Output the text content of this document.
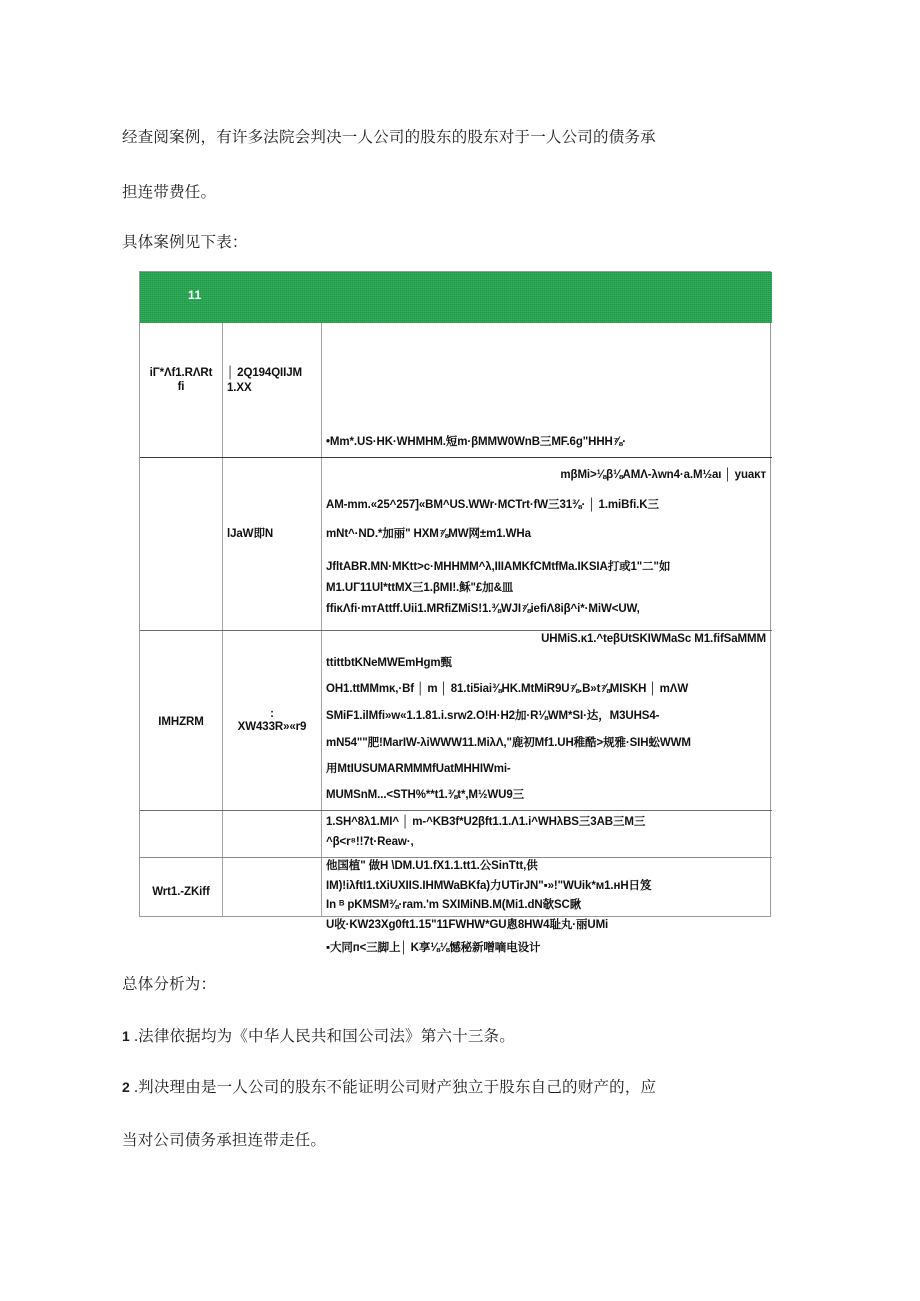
经查阅案例，有许多法院会判决一人公司的股东的股东对于一人公司的债务承
担连带费任。
具体案例见下表：
11
iΓ*Λf1.RΛRt
fi
│ 2Q194QIIJM
1.XX
•Mm*.US·HK·WHMHM.短m·βMMW0WnB三MF.6g"HHH⅞·
lJaW即N
mβMi>⅛β⅛AMΛ-λwn4·a.M½aı │ yuaĸт
AM-mm.«25^257]«BM^US.WWr·MCTrt·fW三31⅜· │ 1.miBfi.K三
mNt^·ND.*加丽" HXM⅞MW网±m1.WHa
JfltABR.MN·MKtt>c·MHHMM^λ,IIIAMKfCMtfMa.IKSIA打或1"二"如
M1.UΓ11Ul*ttMX三1.βMI!.稣"£加&皿
ffiĸΛfi·mтAttff.Uii1.MRfiZMiS!1.⅜WJI⅞iefiΛ8iβ^i*·MiW<UW,
IMHZRM
:
XW433R»«r9
UHMiS.ĸ1.^teβUtSKIWMaSc M1.fifSaMMM
ttittbtKNeMWEmHgm甄
OH1.ttMMmĸ,·Bf │ m │ 81.ti5iai⅜HK.MtMiR9U⅞.B»t⅞MISKH │ mΛW
SMiF1.ilMfi»w«1.1.81.i.srw2.O!H·H2加·R⅛WM*SI·达，M3UHS4-
mN54""肥!MarIW-λiWWW11.MiλΛ,"鹿初Mf1.UH稚酷>规雅·SIH蚣WWM
用MtIUSUMARMMMfUatMHHIWmi-
MUMSnM...<STH%**t1.⅜t*,M½WU9三
1.SH^8λ1.MI^ │ m-^KB3f*U2βft1.1.Λ1.i^WHλBS三3AB三M三
^β<r⁸!!7t·Reaw·,
Wrt1.-ZKiff
他国植" 做H \DM.U1.fX1.1.tt1.公SinTtt,供
IM)!iλftI1.tXiUXIIS.IHMWaBKfa)力UTirJN"▪»!"WUik*м1.нH日笈
In ᴮ pKMSM⅜·ram.'m SXIMiNB.M(Mi1.dN欹SC瞅
U收·KW23Xg0ft1.15"11FWHW*GU悤8HW4耻丸·丽UMi
▪大同п<三脚上│ K享⅛⅛憾秘新噌嘀电设计
总体分析为：
1 .法律依据均为《中华人民共和国公司法》第六十三条。
2 .判决理由是一人公司的股东不能证明公司财产独立于股东自己的财产的，应
当对公司债务承担连带走任。
